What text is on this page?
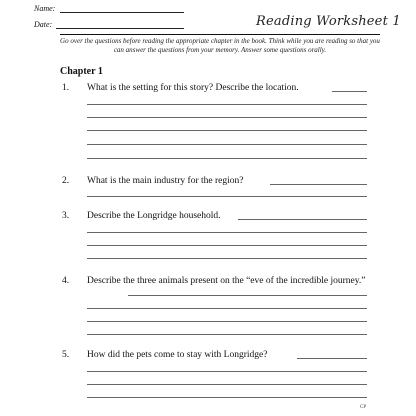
Name:
Date:	Reading Worksheet 1
Go over the questions before reading the appropriate chapter in the book. Think while you are reading so that you can answer the questions from your memory. Answer some questions orally.
Chapter 1
1. What is the setting for this story? Describe the location.
2. What is the main industry for the region?
3. Describe the Longridge household.
4. Describe the three animals present on the “eve of the incredible journey.”
5. How did the pets come to stay with Longridge?
CP
